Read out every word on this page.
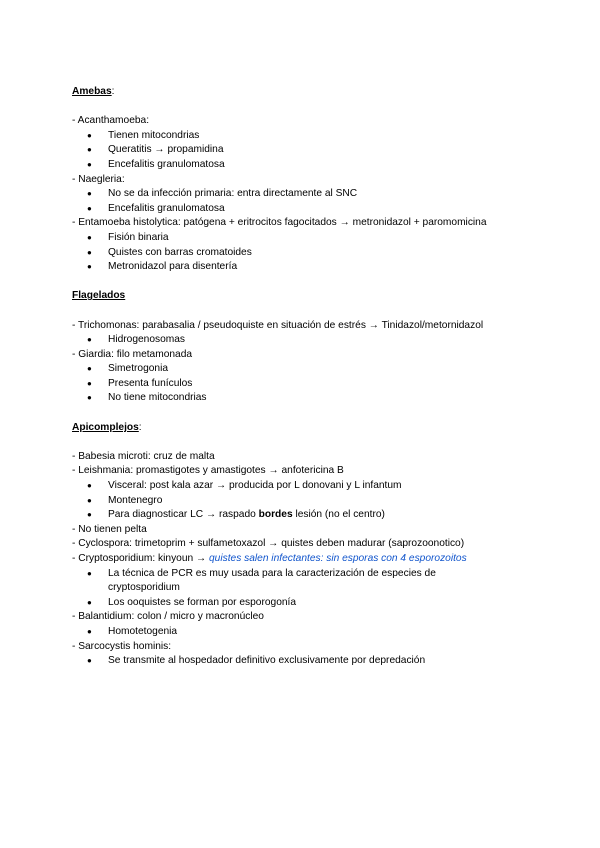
Amebas:
- Acanthamoeba:
● Tienen mitocondrias
● Queratitis → propamidina
● Encefalitis granulomatosa
- Naegleria:
● No se da infección primaria: entra directamente al SNC
● Encefalitis granulomatosa
- Entamoeba histolytica: patógena + eritrocitos fagocitados → metronidazol + paromomicina
● Fisión binaria
● Quistes con barras cromatoides
● Metronidazol para disentería
Flagelados
- Trichomonas: parabasalia / pseudoquiste en situación de estrés → Tinidazol/metornidazol
● Hidrogenosomas
- Giardia: filo metamonada
● Simetrogonia
● Presenta funículos
● No tiene mitocondrias
Apicomplejos:
- Babesia microti: cruz de malta
- Leishmania: promastigotes y amastigotes → anfotericina B
● Visceral: post kala azar → producida por L donovani y L infantum
● Montenegro
● Para diagnosticar LC → raspado bordes lesión (no el centro)
- No tienen pelta
- Cyclospora: trimetoprim + sulfametoxazol → quistes deben madurar (saprozoonotico)
- Cryptosporidium: kinyoun → quistes salen infectantes: sin esporas con 4 esporozoitos
● La técnica de PCR es muy usada para la caracterización de especies de cryptosporidium
● Los ooquistes se forman por esporogonía
- Balantidium: colon / micro y macronúcleo
● Homotetogenia
- Sarcocystis hominis:
● Se transmite al hospedador definitivo exclusivamente por depredación
